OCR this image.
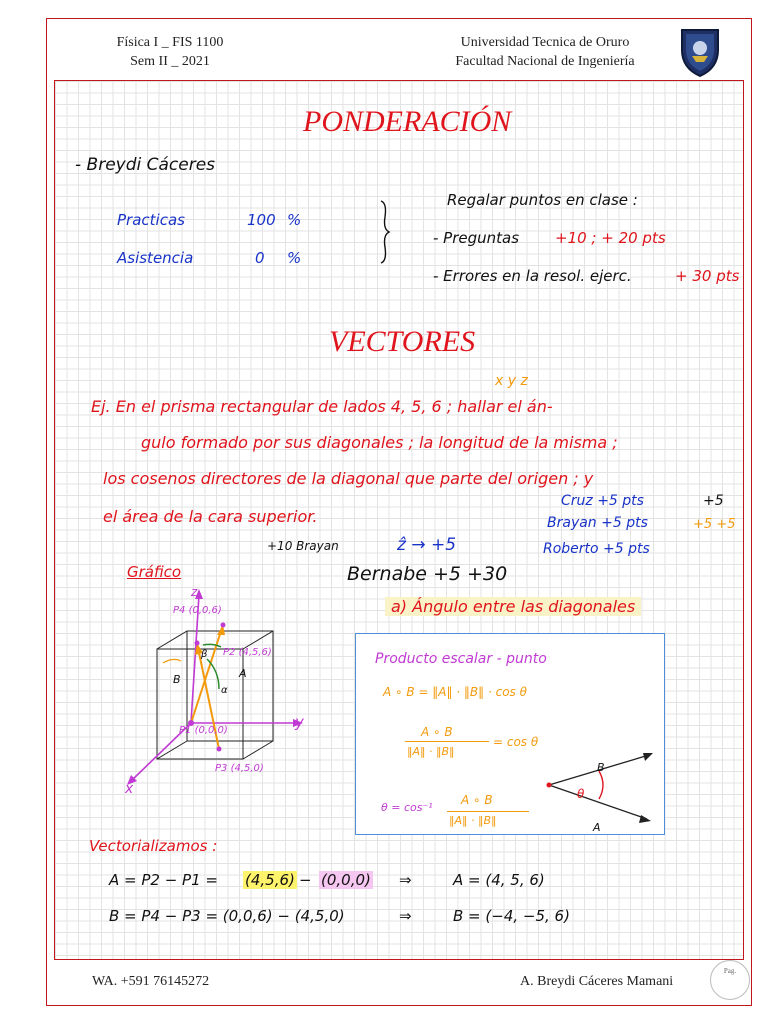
Física I _ FIS 1100
Sem II _ 2021
Universidad Tecnica de Oruro
Facultad Nacional de Ingeniería
PONDERACIÓN
- Breydi Cáceres
Practicas	100 %
Asistencia	0 %
Regalar puntos en clase :
- Preguntas +10 ; + 20 pts
- Errores en la resol. ejerc.	+ 30 pts
VECTORES
x y z
Ej. En el prisma rectangular de lados 4, 5, 6 ; hallar el án-
gulo formado por sus diagonales ; la longitud de la misma ;
los cosenos directores de la diagonal que parte del origen ; y
el área de la cara superior.
Cruz +5 pts	+5
Brayan +5 pts	+5 +5
Roberto +5 pts
+10 Brayan	ẑ → +5
Bernabe +5 +30
Gráfico
a) Ángulo entre las diagonales
z
y
x
P4 (0,0,6)
P2 (4,5,6)
P1 (0,0,0)
P3 (4,5,0)
B	A
β
α
Producto escalar - punto
A ∘ B = ‖A‖ · ‖B‖ · cos θ
A ∘ B
‖A‖ · ‖B‖
= cos θ
θ = cos⁻¹
A ∘ B
‖A‖ · ‖B‖
B
θ
A
Vectorializamos :
A = P2 − P1 = (4,5,6) − (0,0,0) ⇒	A = (4, 5, 6)
B = P4 − P3 = (0,0,6) − (4,5,0)	⇒	B = (−4, −5, 6)
WA. +591 76145272	A. Breydi Cáceres Mamani
Pag.
